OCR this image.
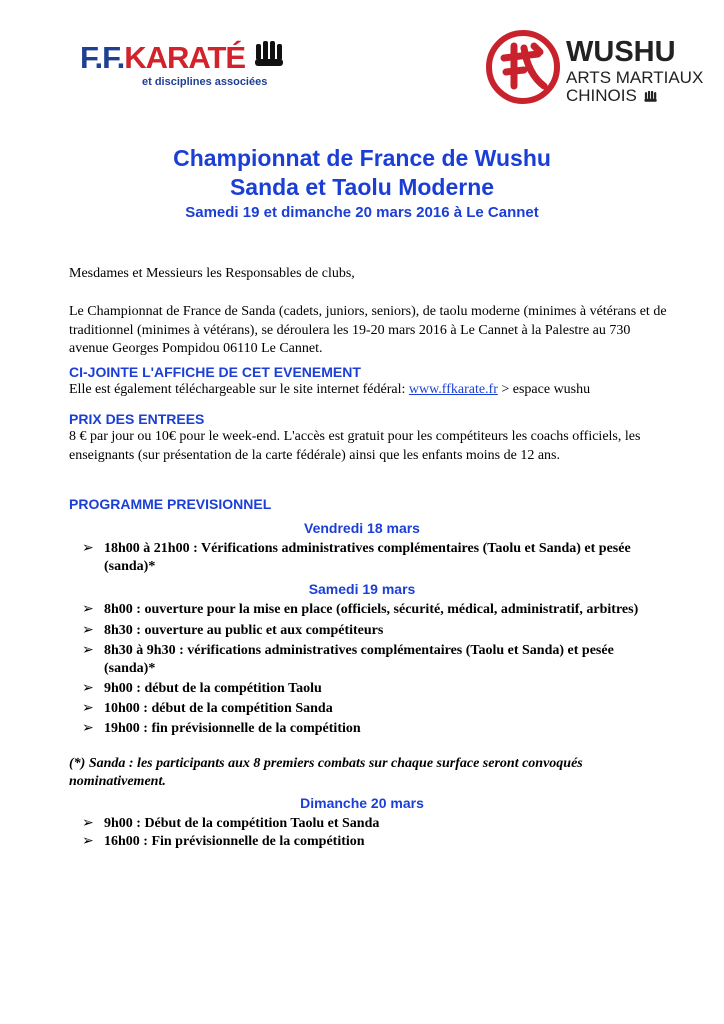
F.F.KARATÉ
et disciplines associées
WUSHU
ARTS MARTIAUX
CHINOIS
Championnat de France de Wushu
Sanda et Taolu Moderne
Samedi 19 et dimanche 20 mars 2016 à Le Cannet
Mesdames et Messieurs les Responsables de clubs,
Le Championnat de France de Sanda (cadets, juniors, seniors), de taolu moderne (minimes à vétérans et de traditionnel (minimes à vétérans), se déroulera les 19-20 mars 2016 à Le Cannet à la Palestre au 730 avenue Georges Pompidou 06110 Le Cannet.
CI-JOINTE L'AFFICHE DE CET EVENEMENT
Elle est également téléchargeable sur le site internet fédéral: www.ffkarate.fr > espace wushu
PRIX DES ENTREES
8 € par jour ou 10€ pour le week-end. L'accès est gratuit pour les compétiteurs les coachs officiels, les enseignants (sur présentation de la carte fédérale) ainsi que les enfants moins de 12 ans.
PROGRAMME PREVISIONNEL
Vendredi 18 mars
➢ 18h00 à 21h00 : Vérifications administratives complémentaires (Taolu et Sanda) et pesée (sanda)*
Samedi 19 mars
➢ 8h00 : ouverture pour la mise en place (officiels, sécurité, médical, administratif, arbitres)
➢ 8h30 : ouverture au public et aux compétiteurs
➢ 8h30 à 9h30 : vérifications administratives complémentaires (Taolu et Sanda) et pesée (sanda)*
➢ 9h00 : début de la compétition Taolu
➢ 10h00 : début de la compétition Sanda
➢ 19h00 : fin prévisionnelle de la compétition
(*) Sanda : les participants aux 8 premiers combats sur chaque surface seront convoqués nominativement.
Dimanche 20 mars
➢ 9h00 : Début de la compétition Taolu et Sanda
➢ 16h00 : Fin prévisionnelle de la compétition
